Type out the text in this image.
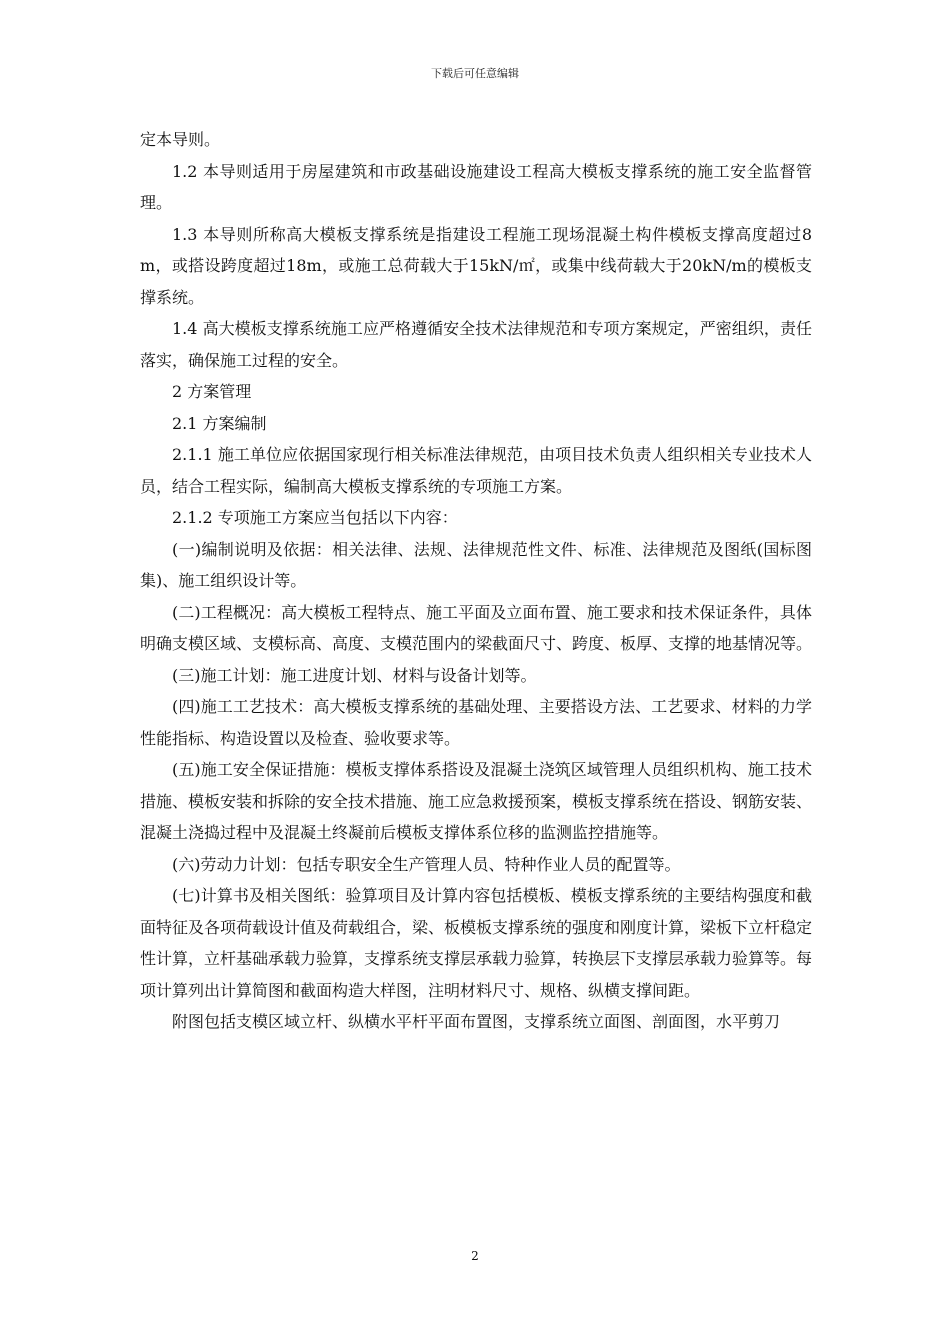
下载后可任意编辑

定本导则。

1.2 本导则适用于房屋建筑和市政基础设施建设工程高大模板支撑系统的施工安全监督管理。

1.3 本导则所称高大模板支撑系统是指建设工程施工现场混凝土构件模板支撑高度超过8m，或搭设跨度超过18m，或施工总荷载大于15kN/㎡，或集中线荷载大于20kN/m的模板支撑系统。

1.4 高大模板支撑系统施工应严格遵循安全技术法律规范和专项方案规定，严密组织，责任落实，确保施工过程的安全。

2 方案管理

2.1 方案编制

2.1.1 施工单位应依据国家现行相关标准法律规范，由项目技术负责人组织相关专业技术人员，结合工程实际，编制高大模板支撑系统的专项施工方案。

2.1.2 专项施工方案应当包括以下内容：

(一)编制说明及依据：相关法律、法规、法律规范性文件、标准、法律规范及图纸(国标图集)、施工组织设计等。

(二)工程概况：高大模板工程特点、施工平面及立面布置、施工要求和技术保证条件，具体明确支模区域、支模标高、高度、支模范围内的梁截面尺寸、跨度、板厚、支撑的地基情况等。

(三)施工计划：施工进度计划、材料与设备计划等。

(四)施工工艺技术：高大模板支撑系统的基础处理、主要搭设方法、工艺要求、材料的力学性能指标、构造设置以及检查、验收要求等。

(五)施工安全保证措施：模板支撑体系搭设及混凝土浇筑区域管理人员组织机构、施工技术措施、模板安装和拆除的安全技术措施、施工应急救援预案，模板支撑系统在搭设、钢筋安装、混凝土浇捣过程中及混凝土终凝前后模板支撑体系位移的监测监控措施等。

(六)劳动力计划：包括专职安全生产管理人员、特种作业人员的配置等。

(七)计算书及相关图纸：验算项目及计算内容包括模板、模板支撑系统的主要结构强度和截面特征及各项荷载设计值及荷载组合，梁、板模板支撑系统的强度和刚度计算，梁板下立杆稳定性计算，立杆基础承载力验算，支撑系统支撑层承载力验算，转换层下支撑层承载力验算等。每项计算列出计算简图和截面构造大样图，注明材料尺寸、规格、纵横支撑间距。

附图包括支模区域立杆、纵横水平杆平面布置图，支撑系统立面图、剖面图，水平剪刀

2
